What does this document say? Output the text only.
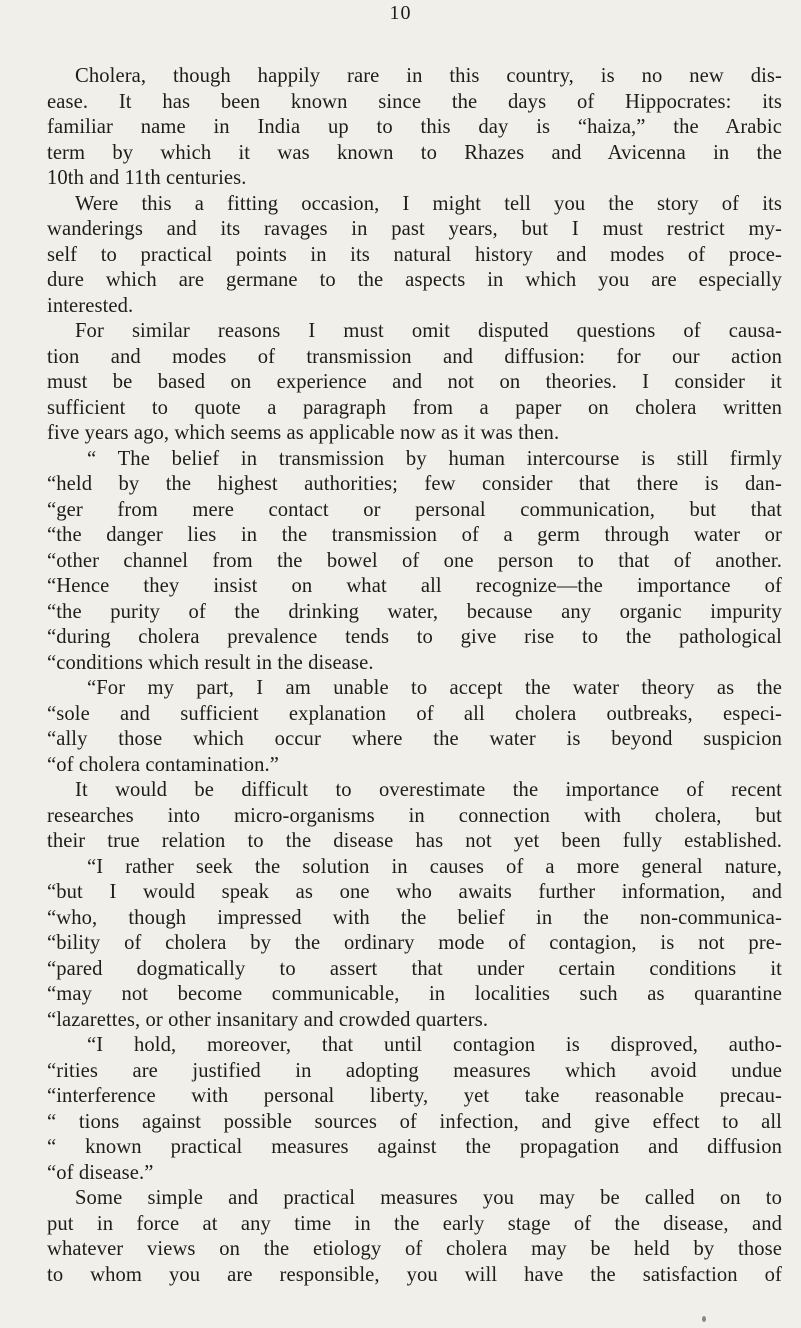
10
Cholera, though happily rare in this country, is no new dis-
ease. It has been known since the days of Hippocrates: its
familiar name in India up to this day is “haiza,” the Arabic
term by which it was known to Rhazes and Avicenna in the
10th and 11th centuries.
Were this a fitting occasion, I might tell you the story of its
wanderings and its ravages in past years, but I must restrict my-
self to practical points in its natural history and modes of proce-
dure which are germane to the aspects in which you are especially
interested.
For similar reasons I must omit disputed questions of causa-
tion and modes of transmission and diffusion: for our action
must be based on experience and not on theories. I consider it
sufficient to quote a paragraph from a paper on cholera written
five years ago, which seems as applicable now as it was then.
“ The belief in transmission by human intercourse is still firmly
“held by the highest authorities; few consider that there is dan-
“ger from mere contact or personal communication, but that
“the danger lies in the transmission of a germ through water or
“other channel from the bowel of one person to that of another.
“Hence they insist on what all recognize—the importance of
“the purity of the drinking water, because any organic impurity
“during cholera prevalence tends to give rise to the pathological
“conditions which result in the disease.
“For my part, I am unable to accept the water theory as the
“sole and sufficient explanation of all cholera outbreaks, especi-
“ally those which occur where the water is beyond suspicion
“of cholera contamination.”
It would be difficult to overestimate the importance of recent
researches into micro-organisms in connection with cholera, but
their true relation to the disease has not yet been fully established.
“I rather seek the solution in causes of a more general nature,
“but I would speak as one who awaits further information, and
“who, though impressed with the belief in the non-communica-
“bility of cholera by the ordinary mode of contagion, is not pre-
“pared dogmatically to assert that under certain conditions it
“may not become communicable, in localities such as quarantine
“lazarettes, or other insanitary and crowded quarters.
“I hold, moreover, that until contagion is disproved, autho-
“rities are justified in adopting measures which avoid undue
“interference with personal liberty, yet take reasonable precau-
“ tions against possible sources of infection, and give effect to all
“ known practical measures against the propagation and diffusion
“of disease.”
Some simple and practical measures you may be called on to
put in force at any time in the early stage of the disease, and
whatever views on the etiology of cholera may be held by those
to whom you are responsible, you will have the satisfaction of
